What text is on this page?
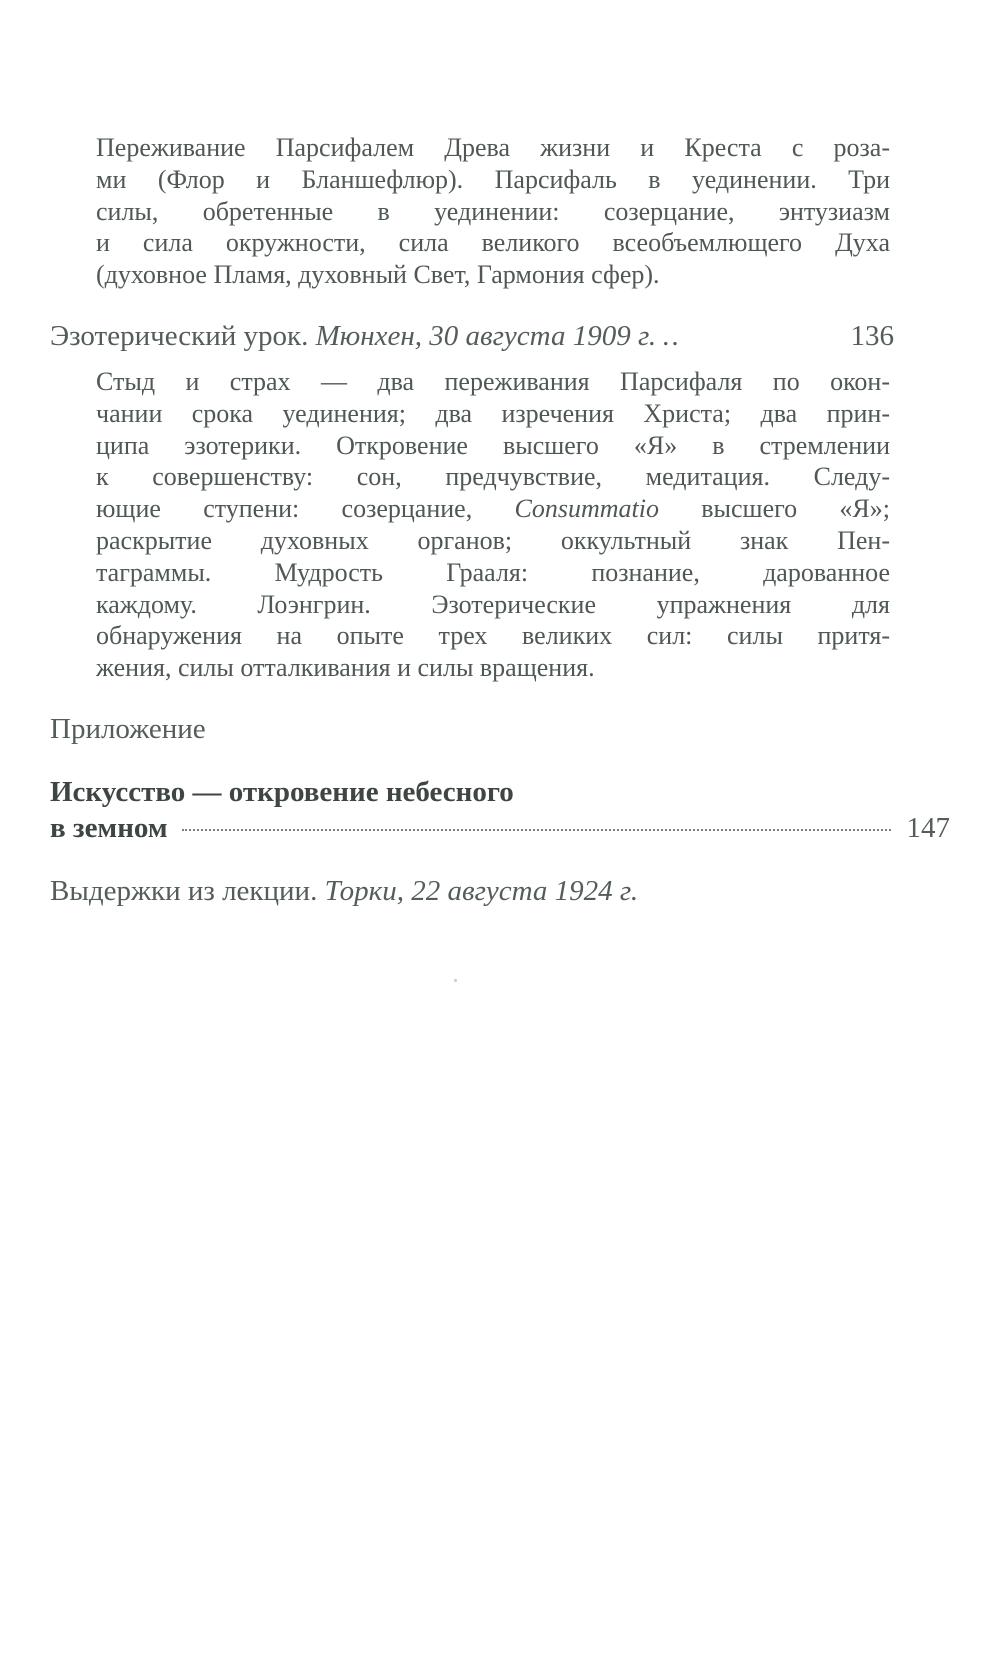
Переживание Парсифалем Древа жизни и Креста с роза-
ми (Флор и Бланшефлюр). Парсифаль в уединении. Три
силы, обретенные в уединении: созерцание, энтузиазм
и сила окружности, сила великого всеобъемлющего Духа
(духовное Пламя, духовный Свет, Гармония сфер).
Эзотерический урок. Мюнхен, 30 августа 1909 г. ..	136
Стыд и страх — два переживания Парсифаля по окон-
чании срока уединения; два изречения Христа; два прин-
ципа эзотерики. Откровение высшего «Я» в стремлении
к совершенству: сон, предчувствие, медитация. Следу-
ющие ступени: созерцание, Consummatio высшего «Я»;
раскрытие духовных органов; оккультный знак Пен-
таграммы. Мудрость Грааля: познание, дарованное
каждому. Лоэнгрин. Эзотерические упражнения для
обнаружения на опыте трех великих сил: силы притя-
жения, силы отталкивания и силы вращения.
Приложение
Искусство — откровение небесного
в земном	147
Выдержки из лекции. Торки, 22 августа 1924 г.
